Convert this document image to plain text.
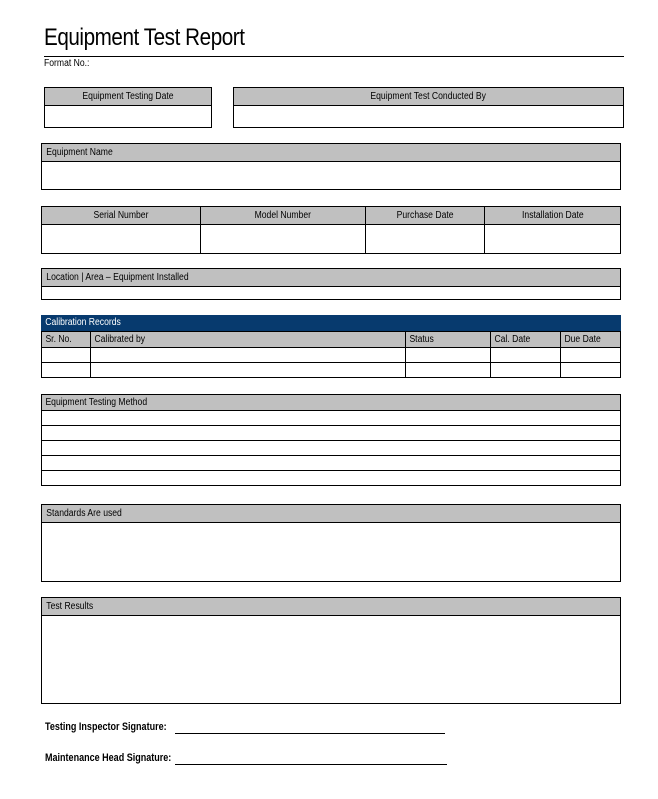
Equipment Test Report
Format No.:
Equipment Testing Date	Equipment Test Conducted By
Equipment Name
Serial Number	Model Number	Purchase Date	Installation Date

Location | Area – Equipment Installed
Calibration Records
Sr. No.	Calibrated by	Status	Cal. Date	Due Date

Equipment Testing Method

Standards Are used
Test Results
Testing Inspector Signature:
Maintenance Head Signature:
